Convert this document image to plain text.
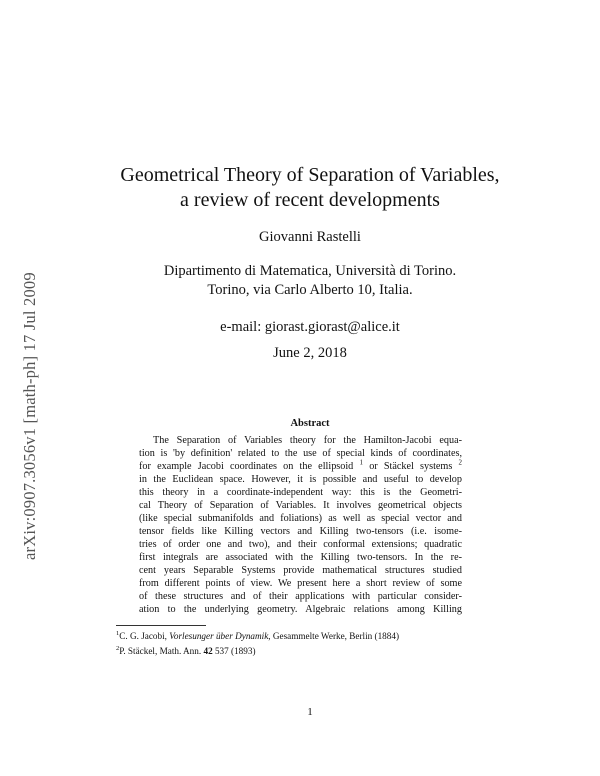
arXiv:0907.3056v1 [math-ph] 17 Jul 2009
Geometrical Theory of Separation of Variables,
a review of recent developments
Giovanni Rastelli
Dipartimento di Matematica, Università di Torino.
Torino, via Carlo Alberto 10, Italia.
e-mail: giorast.giorast@alice.it
June 2, 2018
Abstract
The Separation of Variables theory for the Hamilton-Jacobi equa-
tion is 'by definition' related to the use of special kinds of coordinates,
for example Jacobi coordinates on the ellipsoid $^1$ or Stäckel systems $^2$
in the Euclidean space. However, it is possible and useful to develop
this theory in a coordinate-independent way: this is the Geometri-
cal Theory of Separation of Variables. It involves geometrical objects
(like special submanifolds and foliations) as well as special vector and
tensor fields like Killing vectors and Killing two-tensors (i.e. isome-
tries of order one and two), and their conformal extensions; quadratic
first integrals are associated with the Killing two-tensors. In the re-
cent years Separable Systems provide mathematical structures studied
from different points of view. We present here a short review of some
of these structures and of their applications with particular consider-
ation to the underlying geometry. Algebraic relations among Killing
$^1$C. G. Jacobi, Vorlesunger über Dynamik, Gesammelte Werke, Berlin (1884)
$^2$P. Stäckel, Math. Ann. 42 537 (1893)
1
